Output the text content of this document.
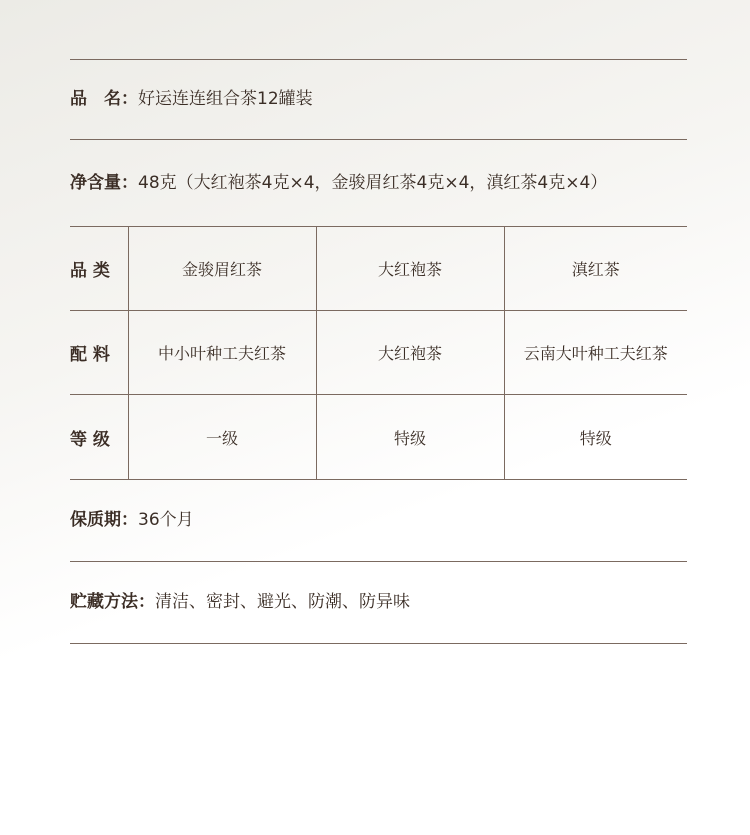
品　名： 好运连连组合茶12罐装
净含量： 48克（大红袍茶4克×4，金骏眉红茶4克×4，滇红茶4克×4）
品 类	金骏眉红茶	大红袍茶	滇红茶
配 料	中小叶种工夫红茶	大红袍茶	云南大叶种工夫红茶
等 级	一级	特级	特级
保质期： 36个月
贮藏方法： 清洁、密封、避光、防潮、防异味
